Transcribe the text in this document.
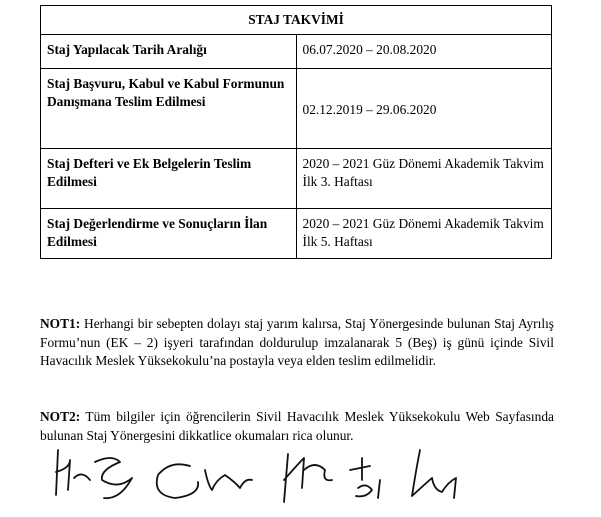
STAJ TAKVİMİ	
Staj Yapılacak Tarih Aralığı	06.07.2020 – 20.08.2020
Staj Başvuru, Kabul ve Kabul Formunun Danışmana Teslim Edilmesi	02.12.2019 – 29.06.2020
Staj Defteri ve Ek Belgelerin Teslim Edilmesi	2020 – 2021 Güz Dönemi Akademik Takvim İlk 3. Haftası
Staj Değerlendirme ve Sonuçların İlan Edilmesi	2020 – 2021 Güz Dönemi Akademik Takvim İlk 5. Haftası
NOT1: Herhangi bir sebepten dolayı staj yarım kalırsa, Staj Yönergesinde bulunan Staj Ayrılış Formu’nun (EK – 2) işyeri tarafından doldurulup imzalanarak 5 (Beş) iş günü içinde Sivil Havacılık Meslek Yüksekokulu’na postayla veya elden teslim edilmelidir.
NOT2: Tüm bilgiler için öğrencilerin Sivil Havacılık Meslek Yüksekokulu Web Sayfasında bulunan Staj Yönergesini dikkatlice okumaları rica olunur.
